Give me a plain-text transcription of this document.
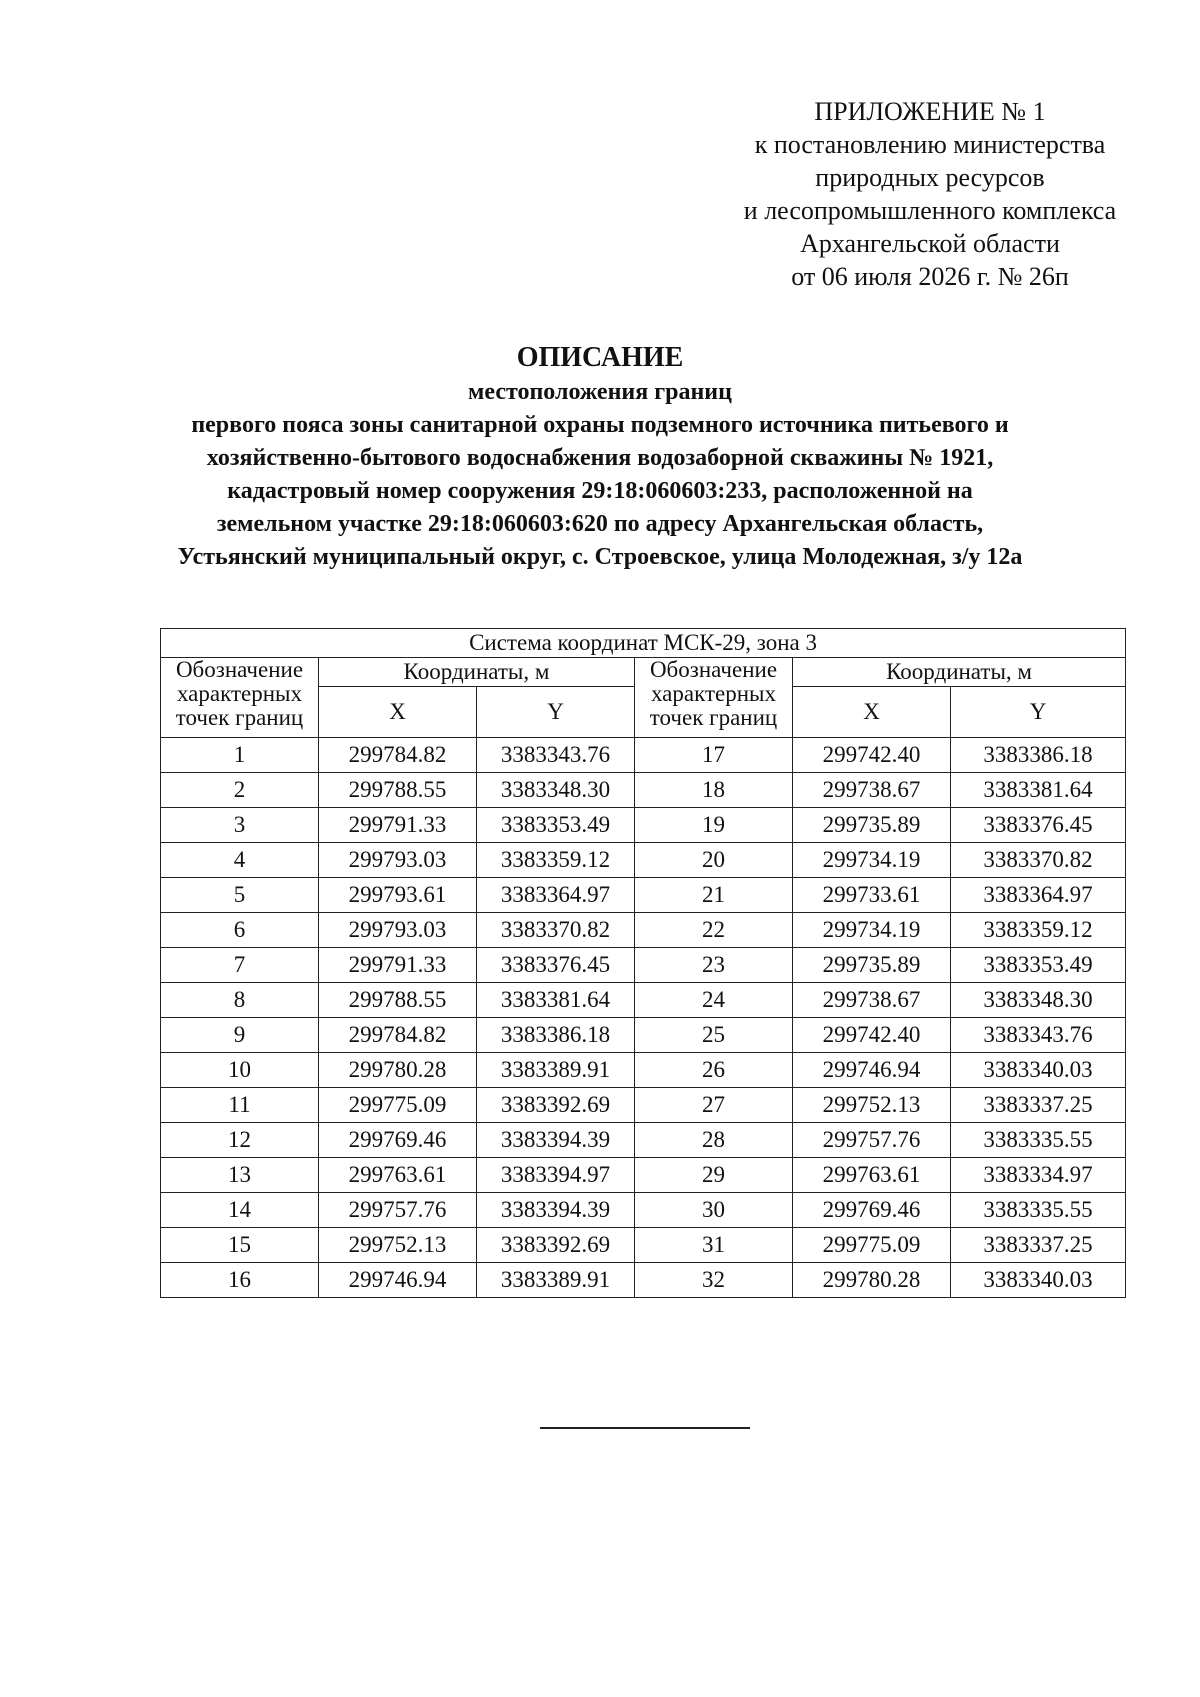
ПРИЛОЖЕНИЕ № 1
к постановлению министерства
природных ресурсов
и лесопромышленного комплекса
Архангельской области
от 06 июля 2026 г. № 26п
ОПИСАНИЕ
местоположения границ
первого пояса зоны санитарной охраны подземного источника питьевого и
хозяйственно-бытового водоснабжения водозаборной скважины № 1921,
кадастровый номер сооружения 29:18:060603:233, расположенной на
земельном участке 29:18:060603:620 по адресу Архангельская область,
Устьянский муниципальный округ, с. Строевское, улица Молодежная, з/у 12а
Система координат МСК-29, зона 3					
Обозначение характерных точек границ	Координаты, м		Обозначение характерных точек границ	Координаты, м	
	X	Y		X	Y
1	299784.82	3383343.76	17	299742.40	3383386.18
2	299788.55	3383348.30	18	299738.67	3383381.64
3	299791.33	3383353.49	19	299735.89	3383376.45
4	299793.03	3383359.12	20	299734.19	3383370.82
5	299793.61	3383364.97	21	299733.61	3383364.97
6	299793.03	3383370.82	22	299734.19	3383359.12
7	299791.33	3383376.45	23	299735.89	3383353.49
8	299788.55	3383381.64	24	299738.67	3383348.30
9	299784.82	3383386.18	25	299742.40	3383343.76
10	299780.28	3383389.91	26	299746.94	3383340.03
11	299775.09	3383392.69	27	299752.13	3383337.25
12	299769.46	3383394.39	28	299757.76	3383335.55
13	299763.61	3383394.97	29	299763.61	3383334.97
14	299757.76	3383394.39	30	299769.46	3383335.55
15	299752.13	3383392.69	31	299775.09	3383337.25
16	299746.94	3383389.91	32	299780.28	3383340.03
